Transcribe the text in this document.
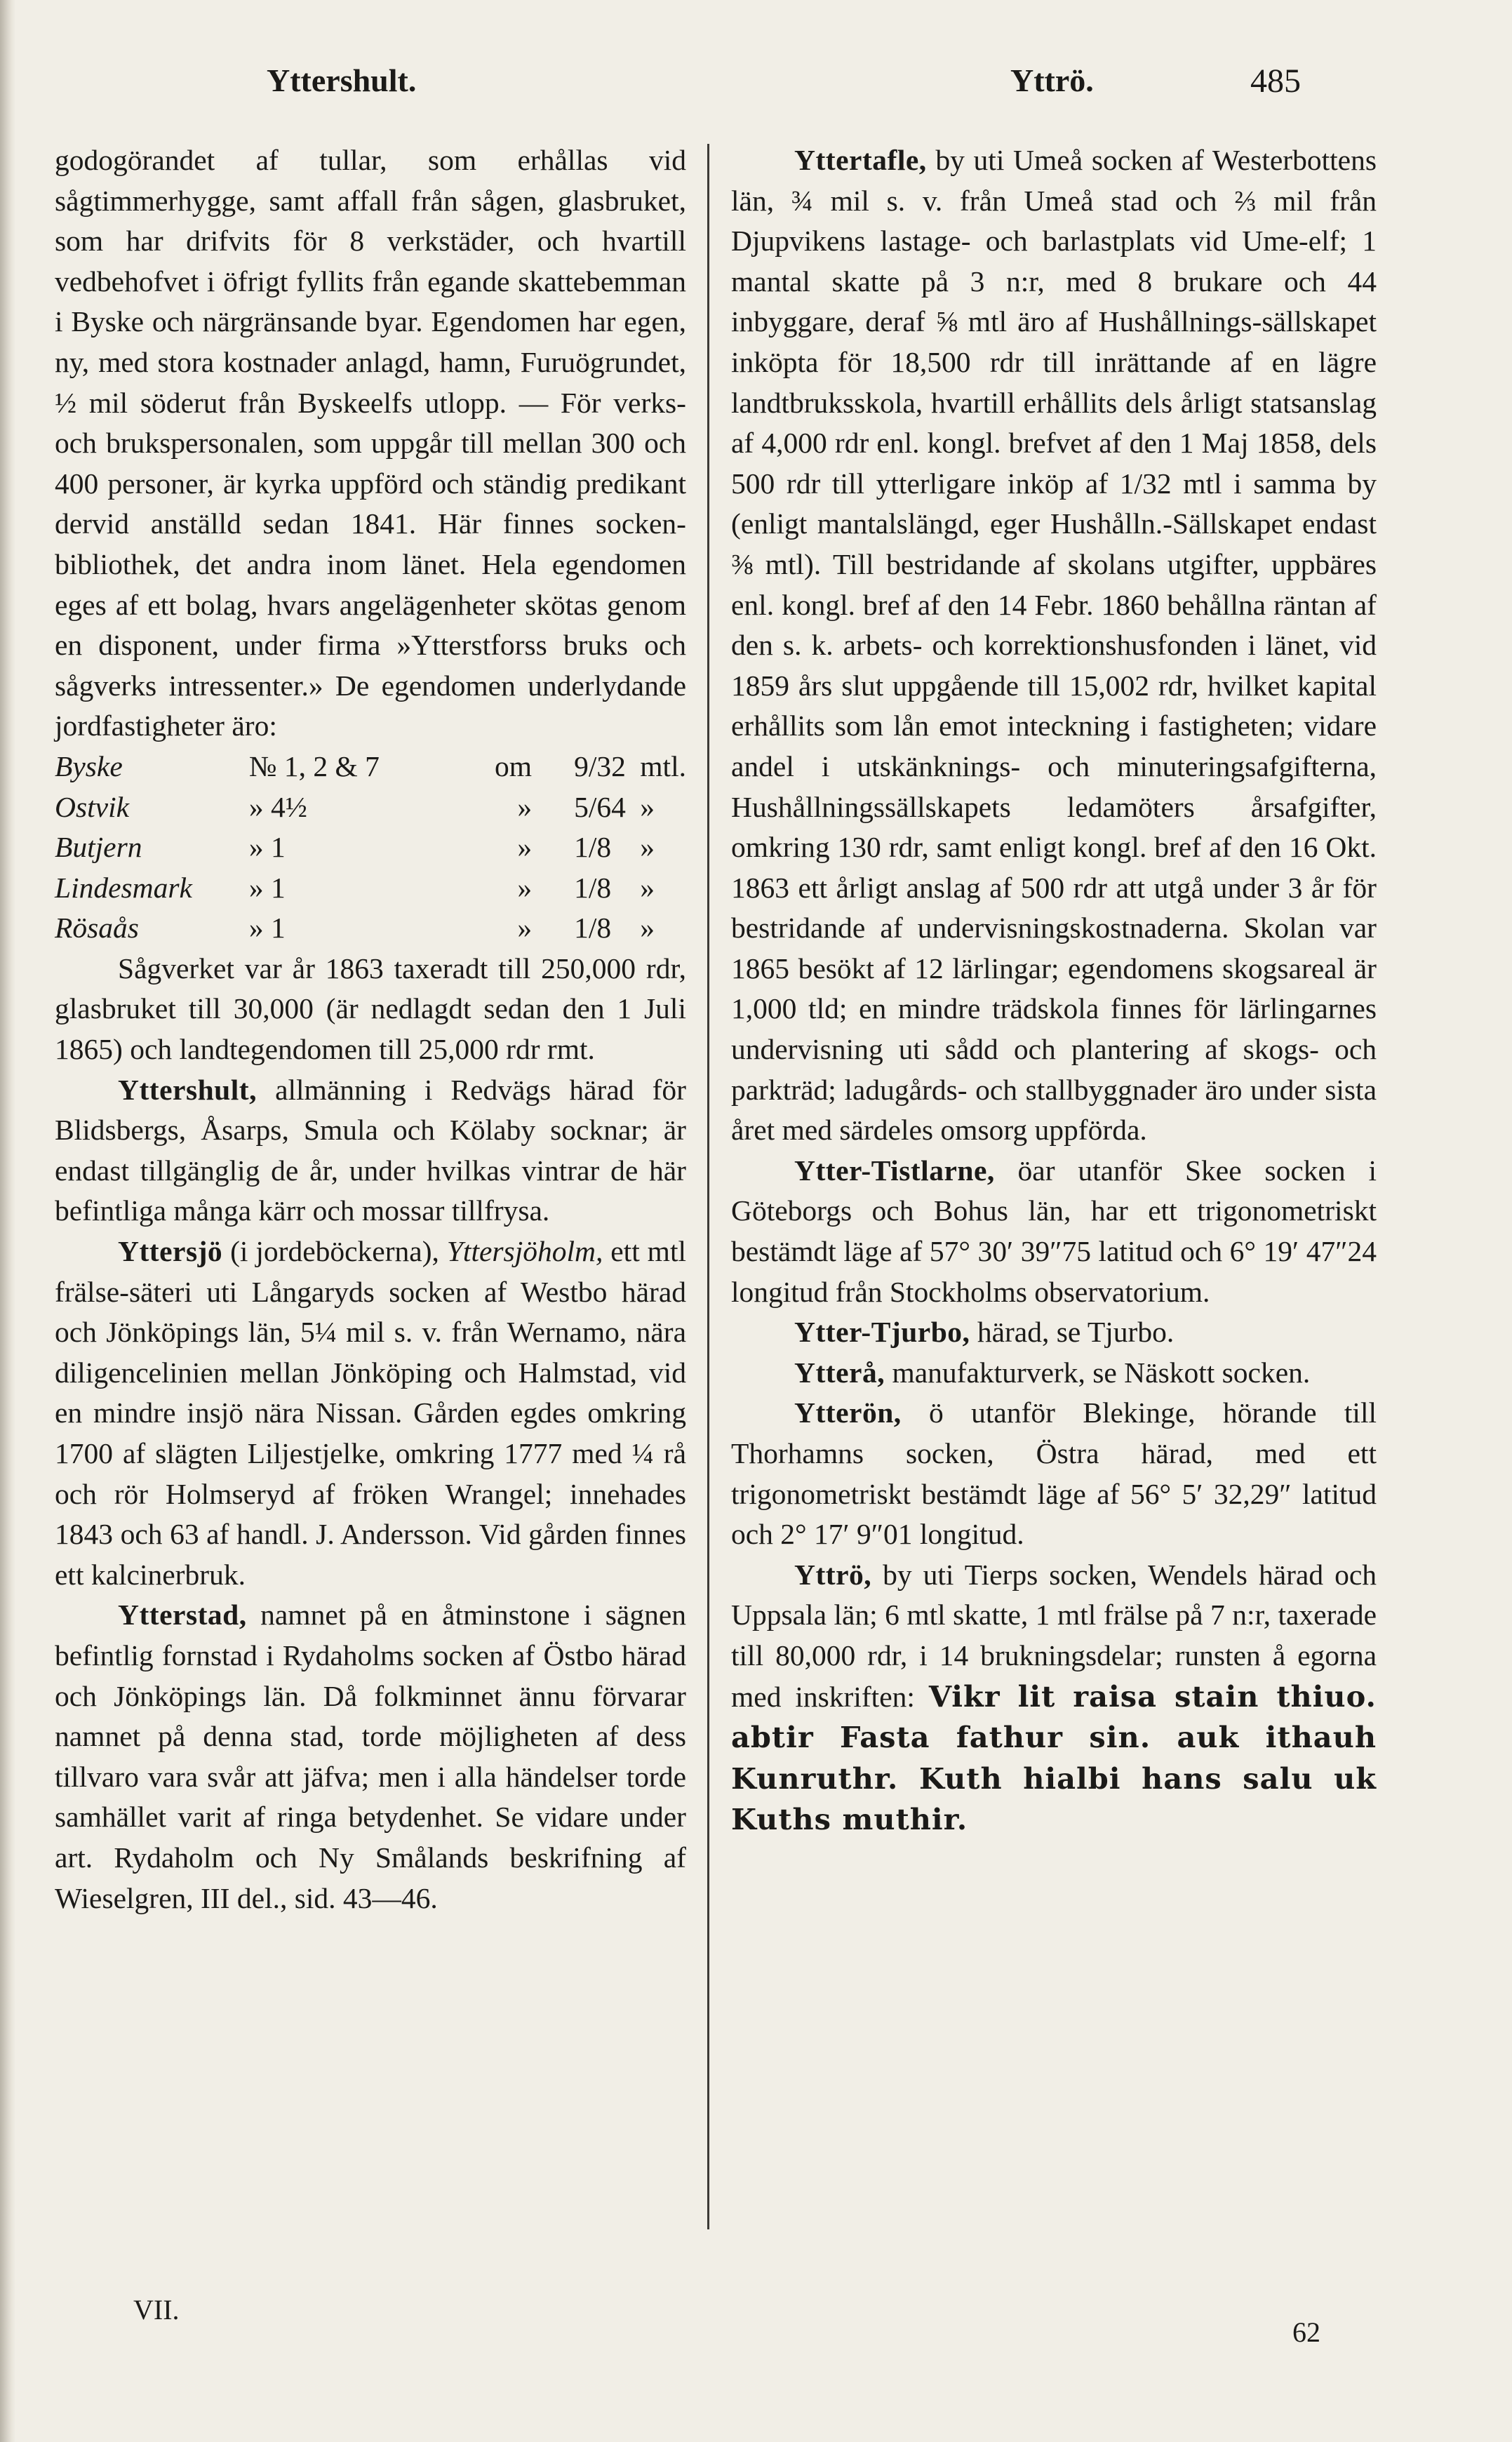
Yttershult.	Yttrö.	485

godogörandet af tullar, som erhållas vid sågtimmerhygge, samt affall från sågen, glasbruket, som har drifvits för 8 verkstäder, och hvartill vedbehofvet i öfrigt fyllits från egande skattebemman i Byske och närgränsande byar. Egendomen har egen, ny, med stora kostnader anlagd, hamn, Furuögrundet, ½ mil söderut från Byskeelfs utlopp. — För verks- och brukspersonalen, som uppgår till mellan 300 och 400 personer, är kyrka uppförd och ständig predikant dervid anställd sedan 1841. Här finnes socken-bibliothek, det andra inom länet. Hela egendomen eges af ett bolag, hvars angelägenheter skötas genom en disponent, under firma »Ytterstforss bruks och sågverks intressenter.» De egendomen underlydande jordfastigheter äro:

Byske	№ 1, 2 & 7	om	9/32	mtl.
Ostvik	» 4½	»	5/64	»
Butjern	» 1	»	1/8	»
Lindesmark	» 1	»	1/8	»
Rösaås	» 1	»	1/8	»

Sågverket var år 1863 taxeradt till 250,000 rdr, glasbruket till 30,000 (är nedlagdt sedan den 1 Juli 1865) och landtegendomen till 25,000 rdr rmt.

Yttershult, allmänning i Redvägs härad för Blidsbergs, Åsarps, Smula och Kölaby socknar; är endast tillgänglig de år, under hvilkas vintrar de här befintliga många kärr och mossar tillfrysa.

Yttersjö (i jordeböckerna), Yttersjöholm, ett mtl frälse-säteri uti Långaryds socken af Westbo härad och Jönköpings län, 5¼ mil s. v. från Wernamo, nära diligencelinien mellan Jönköping och Halmstad, vid en mindre insjö nära Nissan. Gården egdes omkring 1700 af slägten Liljestjelke, omkring 1777 med ¼ rå och rör Holmseryd af fröken Wrangel; innehades 1843 och 63 af handl. J. Andersson. Vid gården finnes ett kalcinerbruk.

Ytterstad, namnet på en åtminstone i sägnen befintlig fornstad i Rydaholms socken af Östbo härad och Jönköpings län. Då folkminnet ännu förvarar namnet på denna stad, torde möjligheten af dess tillvaro vara svår att jäfva; men i alla händelser torde samhället varit af ringa betydenhet. Se vidare under art. Rydaholm och Ny Smålands beskrifning af Wieselgren, III del., sid. 43—46.

Yttertafle, by uti Umeå socken af Westerbottens län, ¾ mil s. v. från Umeå stad och ⅔ mil från Djupvikens lastage- och barlastplats vid Ume-elf; 1 mantal skatte på 3 n:r, med 8 brukare och 44 inbyggare, deraf ⅝ mtl äro af Hushållnings-sällskapet inköpta för 18,500 rdr till inrättande af en lägre landtbruksskola, hvartill erhållits dels årligt statsanslag af 4,000 rdr enl. kongl. brefvet af den 1 Maj 1858, dels 500 rdr till ytterligare inköp af 1/32 mtl i samma by (enligt mantalslängd, eger Hushålln.-Sällskapet endast ⅜ mtl). Till bestridande af skolans utgifter, uppbäres enl. kongl. bref af den 14 Febr. 1860 behållna räntan af den s. k. arbets- och korrektionshusfonden i länet, vid 1859 års slut uppgående till 15,002 rdr, hvilket kapital erhållits som lån emot inteckning i fastigheten; vidare andel i utskänknings- och minuteringsafgifterna, Hushållningssällskapets ledamöters årsafgifter, omkring 130 rdr, samt enligt kongl. bref af den 16 Okt. 1863 ett årligt anslag af 500 rdr att utgå under 3 år för bestridande af undervisningskostnaderna. Skolan var 1865 besökt af 12 lärlingar; egendomens skogsareal är 1,000 tld; en mindre trädskola finnes för lärlingarnes undervisning uti sådd och plantering af skogs- och parkträd; ladugårds- och stallbyggnader äro under sista året med särdeles omsorg uppförda.

Ytter-Tistlarne, öar utanför Skee socken i Göteborgs och Bohus län, har ett trigonometriskt bestämdt läge af 57° 30′ 39″75 latitud och 6° 19′ 47″24 longitud från Stockholms observatorium.

Ytter-Tjurbo, härad, se Tjurbo.

Ytterå, manufakturverk, se Näskott socken.

Ytterön, ö utanför Blekinge, hörande till Thorhamns socken, Östra härad, med ett trigonometriskt bestämdt läge af 56° 5′ 32,29″ latitud och 2° 17′ 9″01 longitud.

Yttrö, by uti Tierps socken, Wendels härad och Uppsala län; 6 mtl skatte, 1 mtl frälse på 7 n:r, taxerade till 80,000 rdr, i 14 brukningsdelar; runsten å egorna med inskriften: Vikr lit raisa stain thiuo. abtir Fasta fathur sin. auk ithauh Kunruthr. Kuth hialbi hans salu uk Kuths muthir.

VII.
62
